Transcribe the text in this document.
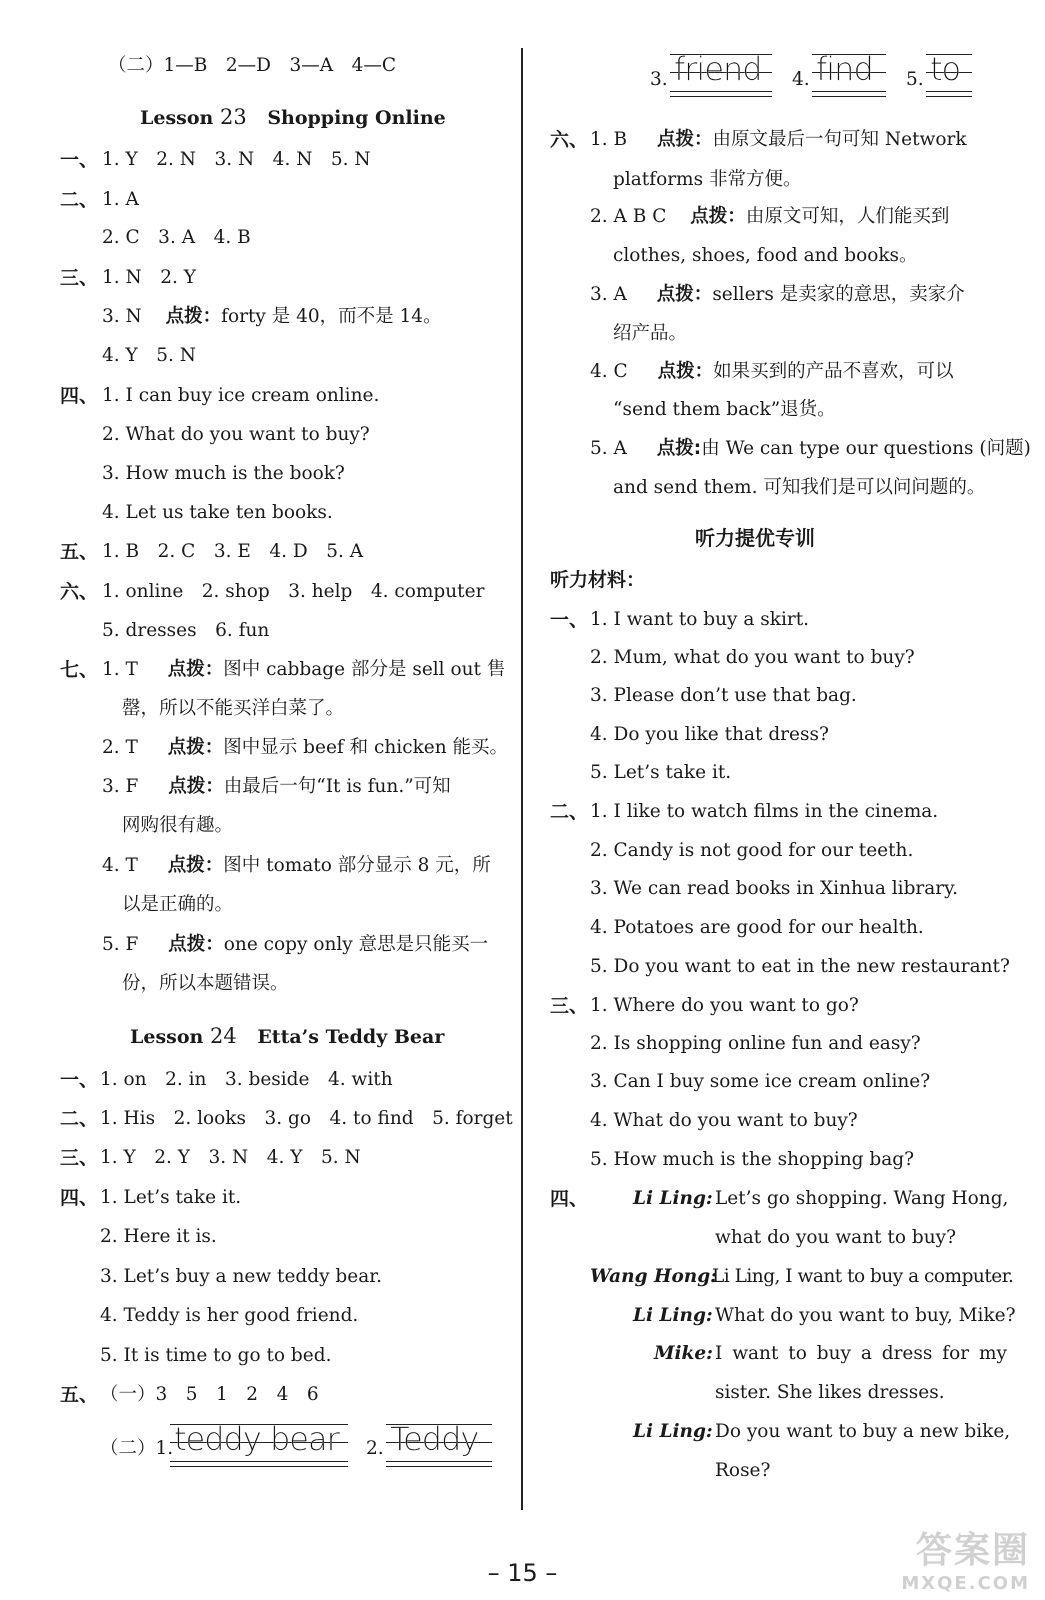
（二）1—B　2—D　3—A　4—C
Lesson 23 Shopping Online
一、 1. Y　2. N　3. N　4. N　5. N
二、 1. A
2. C　3. A　4. B
三、 1. N　2. Y
3. N 点拨：forty 是 40，而不是 14。
4. Y　5. N
四、 1. I can buy ice cream online.
2. What do you want to buy?
3. How much is the book?
4. Let us take ten books.
五、 1. B　2. C　3. E　4. D　5. A
六、 1. online　2. shop　3. help　4. computer
5. dresses　6. fun
七、 1. T 点拨：图中 cabbage 部分是 sell out 售
罄，所以不能买洋白菜了。
2. T 点拨：图中显示 beef 和 chicken 能买。
3. F 点拨：由最后一句“It is fun.”可知
网购很有趣。
4. T 点拨：图中 tomato 部分显示 8 元，所
以是正确的。
5. F 点拨：one copy only 意思是只能买一
份，所以本题错误。
Lesson 24 Etta’s Teddy Bear
一、 1. on　2. in　3. beside　4. with
二、 1. His　2. looks　3. go　4. to find　5. forget
三、 1. Y　2. Y　3. N　4. Y　5. N
四、 1. Let’s take it.
2. Here it is.
3. Let’s buy a new teddy bear.
4. Teddy is her good friend.
5. It is time to go to bed.
五、 （一）3　5　1　2　4　6
（二）1. teddy bear 2. Teddy
3. friend 4. find 5. to
六、 1. B 点拨：由原文最后一句可知 Network
platforms 非常方便。
2. A B C 点拨：由原文可知，人们能买到
clothes, shoes, food and books。
3. A 点拨：sellers 是卖家的意思，卖家介
绍产品。
4. C 点拨：如果买到的产品不喜欢，可以
“send them back”退货。
5. A 点拨:由 We can type our questions (问题)
and send them. 可知我们是可以问问题的。
听力提优专训
听力材料：
一、 1. I want to buy a skirt.
2. Mum, what do you want to buy?
3. Please don’t use that bag.
4. Do you like that dress?
5. Let’s take it.
二、 1. I like to watch films in the cinema.
2. Candy is not good for our teeth.
3. We can read books in Xinhua library.
4. Potatoes are good for our health.
5. Do you want to eat in the new restaurant?
三、 1. Where do you want to go?
2. Is shopping online fun and easy?
3. Can I buy some ice cream online?
4. What do you want to buy?
5. How much is the shopping bag?
四、 Li Ling: Let’s go shopping. Wang Hong,
what do you want to buy?
Wang Hong:
Li Ling, I want to buy a computer.
Li Ling: What do you want to buy, Mike?
Mike: I want to buy a dress for my
sister. She likes dresses.
Li Ling: Do you want to buy a new bike,
Rose?
– 15 –
答案圈
MXQE.COM
